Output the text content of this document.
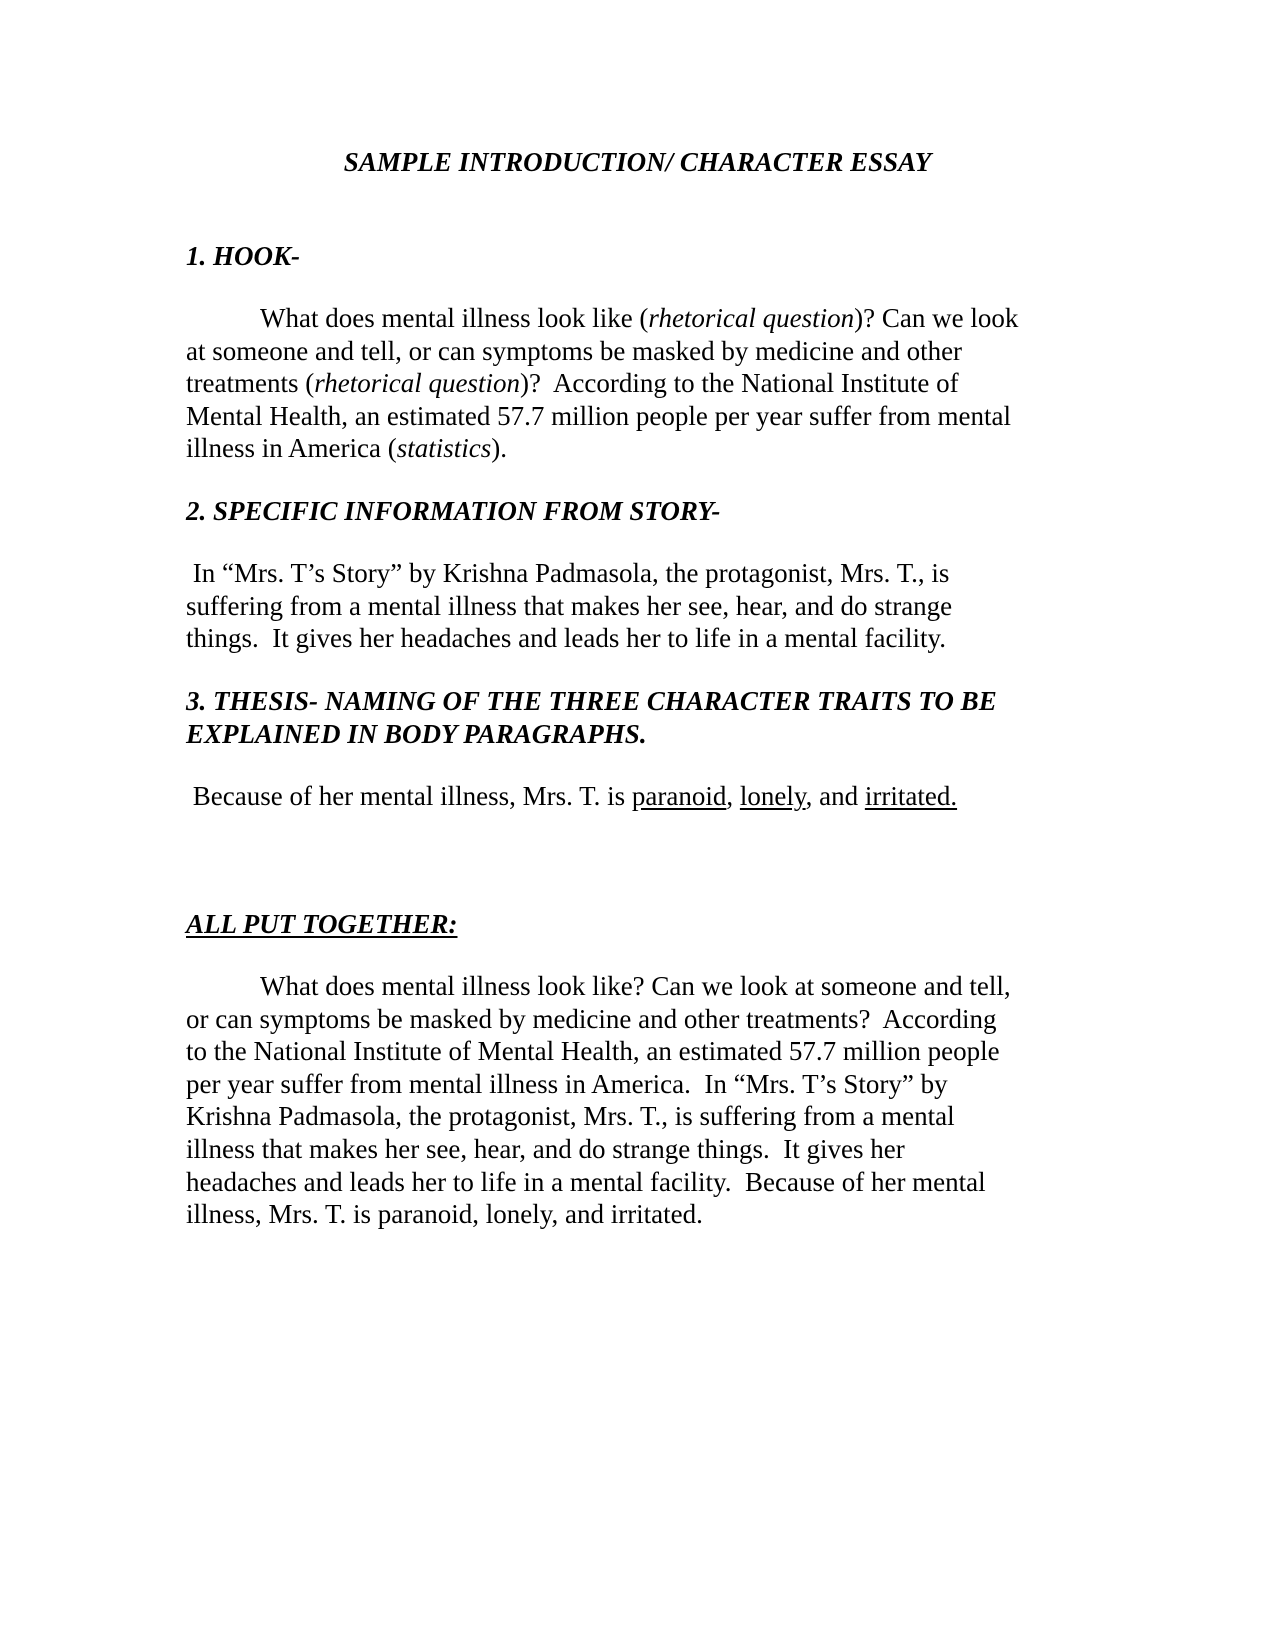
SAMPLE INTRODUCTION/ CHARACTER ESSAY
1. HOOK-
What does mental illness look like (rhetorical question)? Can we look
at someone and tell, or can symptoms be masked by medicine and other
treatments (rhetorical question)?  According to the National Institute of
Mental Health, an estimated 57.7 million people per year suffer from mental
illness in America (statistics).
2. SPECIFIC INFORMATION FROM STORY-
In “Mrs. T’s Story” by Krishna Padmasola, the protagonist, Mrs. T., is
suffering from a mental illness that makes her see, hear, and do strange
things.  It gives her headaches and leads her to life in a mental facility.
3. THESIS- NAMING OF THE THREE CHARACTER TRAITS TO BE
EXPLAINED IN BODY PARAGRAPHS.
Because of her mental illness, Mrs. T. is paranoid, lonely, and irritated.
ALL PUT TOGETHER:
What does mental illness look like? Can we look at someone and tell,
or can symptoms be masked by medicine and other treatments?  According
to the National Institute of Mental Health, an estimated 57.7 million people
per year suffer from mental illness in America.  In “Mrs. T’s Story” by
Krishna Padmasola, the protagonist, Mrs. T., is suffering from a mental
illness that makes her see, hear, and do strange things.  It gives her
headaches and leads her to life in a mental facility.  Because of her mental
illness, Mrs. T. is paranoid, lonely, and irritated.
